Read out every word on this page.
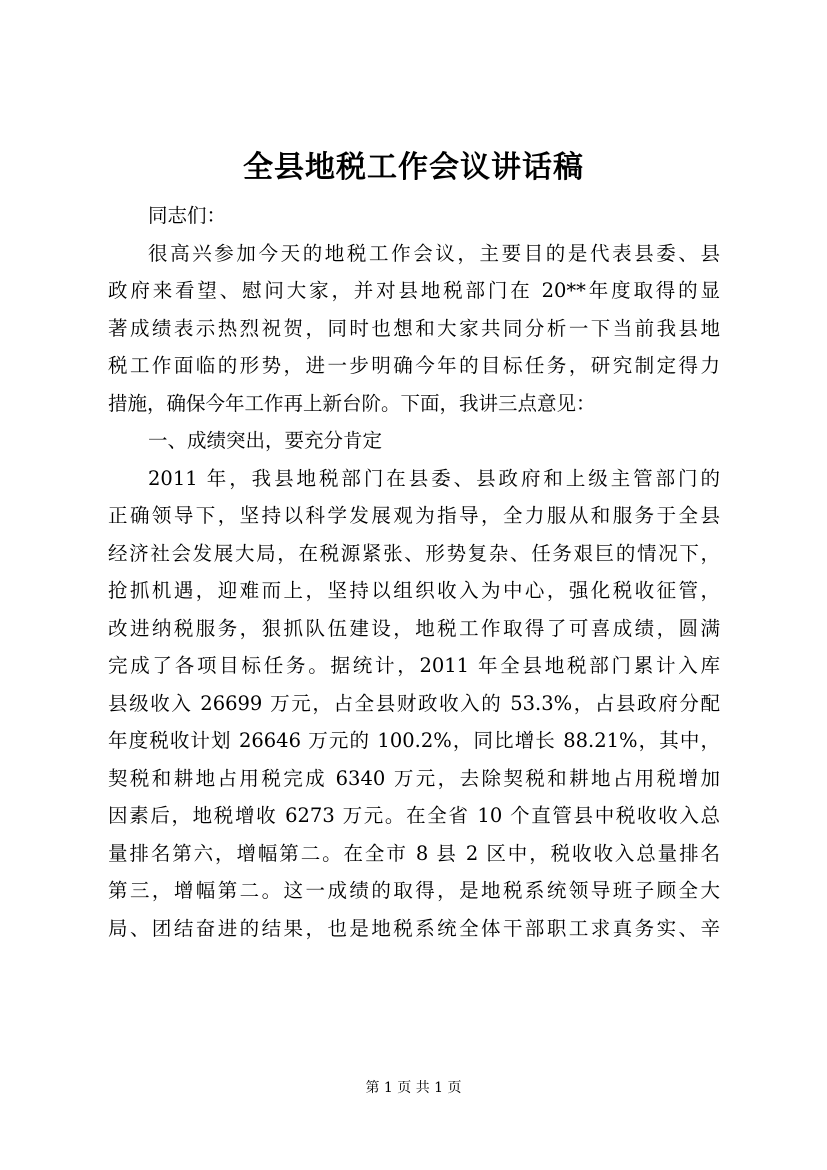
全县地税工作会议讲话稿
同志们：
很高兴参加今天的地税工作会议，主要目的是代表县委、县
政府来看望、慰问大家，并对县地税部门在 20**年度取得的显
著成绩表示热烈祝贺，同时也想和大家共同分析一下当前我县地
税工作面临的形势，进一步明确今年的目标任务，研究制定得力
措施，确保今年工作再上新台阶。下面，我讲三点意见：
一、成绩突出，要充分肯定
2011 年，我县地税部门在县委、县政府和上级主管部门的
正确领导下，坚持以科学发展观为指导，全力服从和服务于全县
经济社会发展大局，在税源紧张、形势复杂、任务艰巨的情况下，
抢抓机遇，迎难而上，坚持以组织收入为中心，强化税收征管，
改进纳税服务，狠抓队伍建设，地税工作取得了可喜成绩，圆满
完成了各项目标任务。据统计，2011 年全县地税部门累计入库
县级收入 26699 万元，占全县财政收入的 53.3%，占县政府分配
年度税收计划 26646 万元的 100.2%，同比增长 88.21%，其中，
契税和耕地占用税完成 6340 万元，去除契税和耕地占用税增加
因素后，地税增收 6273 万元。在全省 10 个直管县中税收收入总
量排名第六，增幅第二。在全市 8 县 2 区中，税收收入总量排名
第三，增幅第二。这一成绩的取得，是地税系统领导班子顾全大
局、团结奋进的结果，也是地税系统全体干部职工求真务实、辛
第 1 页 共 1 页
